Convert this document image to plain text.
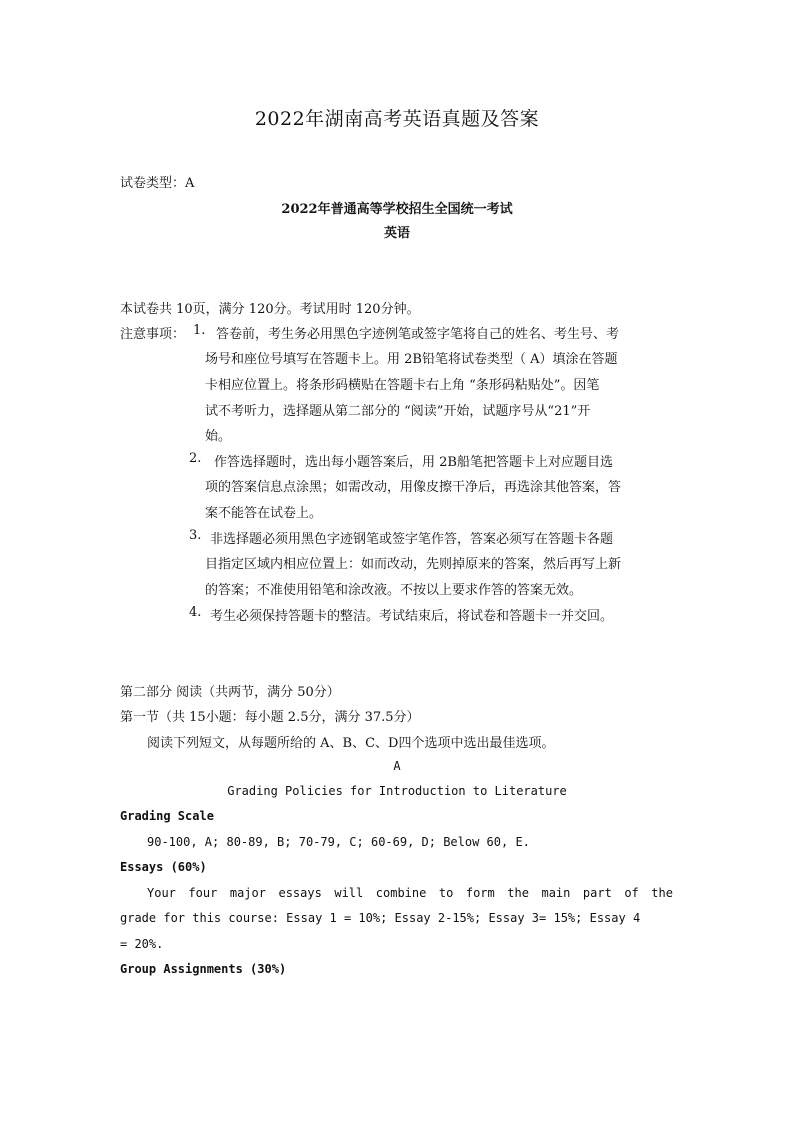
2022年湖南高考英语真题及答案
试卷类型：A
2022年普通高等学校招生全国统一考试
英语
本试卷共 10页，满分 120分。考试用时 120分钟。
注意事项： 1. 答卷前，考生务必用黑色字迹例笔或签字笔将自己的姓名、考生号、考
场号和座位号填写在答题卡上。用 2B铅笔将试卷类型（ A）填涂在答题
卡相应位置上。将条形码横贴在答题卡右上角 “条形码粘贴处”。因笔
试不考听力，选择题从第二部分的 “阅读”开始，试题序号从“21”开
始。
2. 作答选择题时，选出每小题答案后，用 2B船笔把答题卡上对应题目选
项的答案信息点涂黑；如需改动，用像皮擦干净后，再选涂其他答案，答
案不能答在试卷上。
3. 非选择题必须用黑色字迹钢笔或签字笔作答，答案必须写在答题卡各题
目指定区域内相应位置上：如而改动，先则掉原来的答案，然后再写上新
的答案；不准使用铅笔和涂改液。不按以上要求作答的答案无效。
4. 考生必须保持答题卡的整洁。考试结束后，将试卷和答题卡一并交回。
第二部分 阅读（共两节，满分 50分）
第一节（共 15小题：每小题 2.5分，满分 37.5分）
阅读下列短文，从每题所给的 A、B、C、D四个选项中选出最佳选项。
A
Grading Policies for Introduction to Literature
Grading Scale
90-100, A; 80-89, B; 70-79, C; 60-69, D; Below 60, E.
Essays (60%)
Your four major essays will combine to form the main part of the
grade for this course: Essay 1 = 10%; Essay 2-15%; Essay 3= 15%; Essay 4
= 20%.
Group Assignments (30%)
